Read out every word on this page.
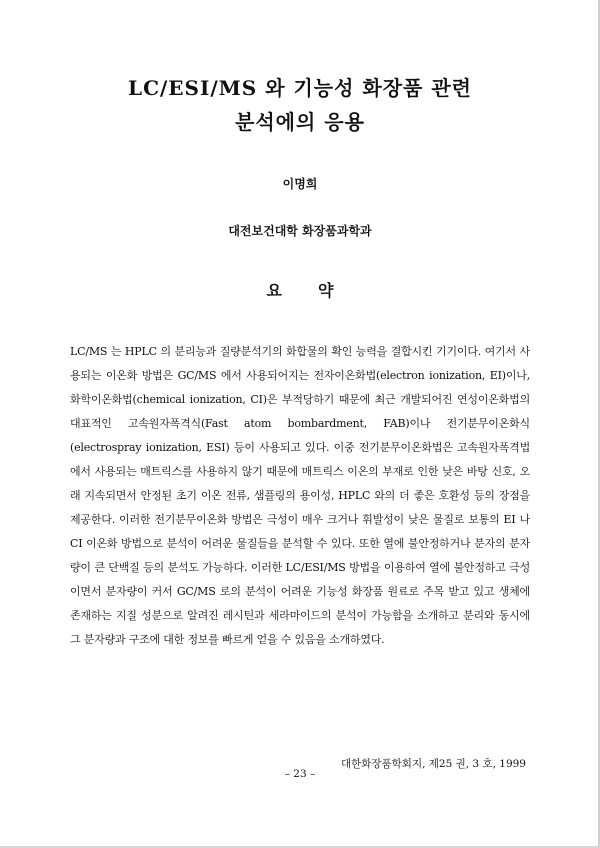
LC/ESI/MS 와 기능성 화장품 관련
분석에의 응용
이명희
대전보건대학 화장품과학과
요약
LC/MS 는 HPLC 의 분리능과 질량분석기의 화합물의 확인 능력을 결합시킨 기기이다. 여기서 사용되는 이온화 방법은 GC/MS 에서 사용되어지는 전자이온화법(electron ionization, EI)이나, 화학이온화법(chemical ionization, CI)은 부적당하기 때문에 최근 개발되어진 연성이온화법의 대표적인 고속원자폭격식(Fast atom bombardment, FAB)이나 전기분무이온화식(electrospray ionization, ESI) 등이 사용되고 있다. 이중 전기분무이온화법은 고속원자폭격법에서 사용되는 매트릭스를 사용하지 않기 때문에 매트릭스 이온의 부재로 인한 낮은 바탕 신호, 오래 지속되면서 안정된 초기 이온 전류, 샘플링의 용이성, HPLC 와의 더 좋은 호환성 등의 장점을 제공한다. 이러한 전기분무이온화 방법은 극성이 매우 크거나 휘발성이 낮은 물질로 보통의 EI 나 CI 이온화 방법으로 분석이 어려운 물질들을 분석할 수 있다. 또한 열에 불안정하거나 분자의 분자량이 큰 단백질 등의 분석도 가능하다. 이러한 LC/ESI/MS 방법을 이용하여 열에 불안정하고 극성이면서 분자량이 커서 GC/MS 로의 분석이 어려운 기능성 화장품 원료로 주목 받고 있고 생체에 존재하는 지질 성분으로 알려진 레시틴과 세라마이드의 분석이 가능함을 소개하고 분리와 동시에 그 분자량과 구조에 대한 정보를 빠르게 얻을 수 있음을 소개하였다.
대한화장품학회지, 제25 권, 3 호, 1999
– 23 –
